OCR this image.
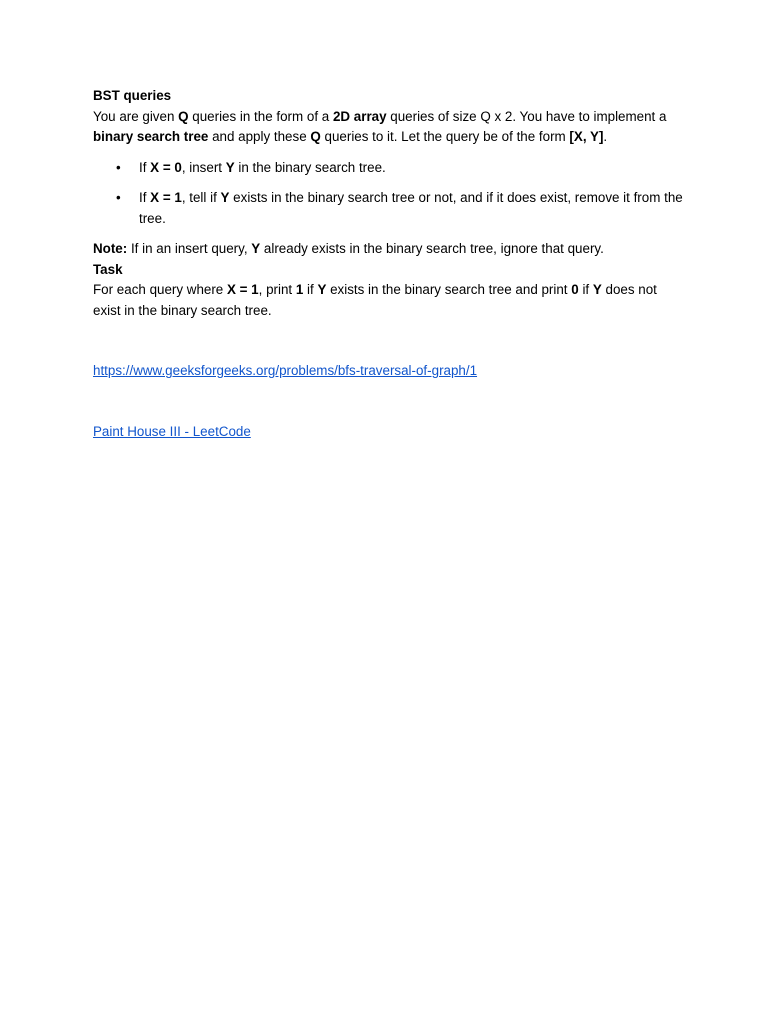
BST queries

You are given Q queries in the form of a 2D array queries of size Q x 2. You have to implement a binary search tree and apply these Q queries to it. Let the query be of the form [X, Y].

• If X = 0, insert Y in the binary search tree.
• If X = 1, tell if Y exists in the binary search tree or not, and if it does exist, remove it from the tree.

Note: If in an insert query, Y already exists in the binary search tree, ignore that query.

Task

For each query where X = 1, print 1 if Y exists in the binary search tree and print 0 if Y does not exist in the binary search tree.

https://www.geeksforgeeks.org/problems/bfs-traversal-of-graph/1
Paint House III - LeetCode
